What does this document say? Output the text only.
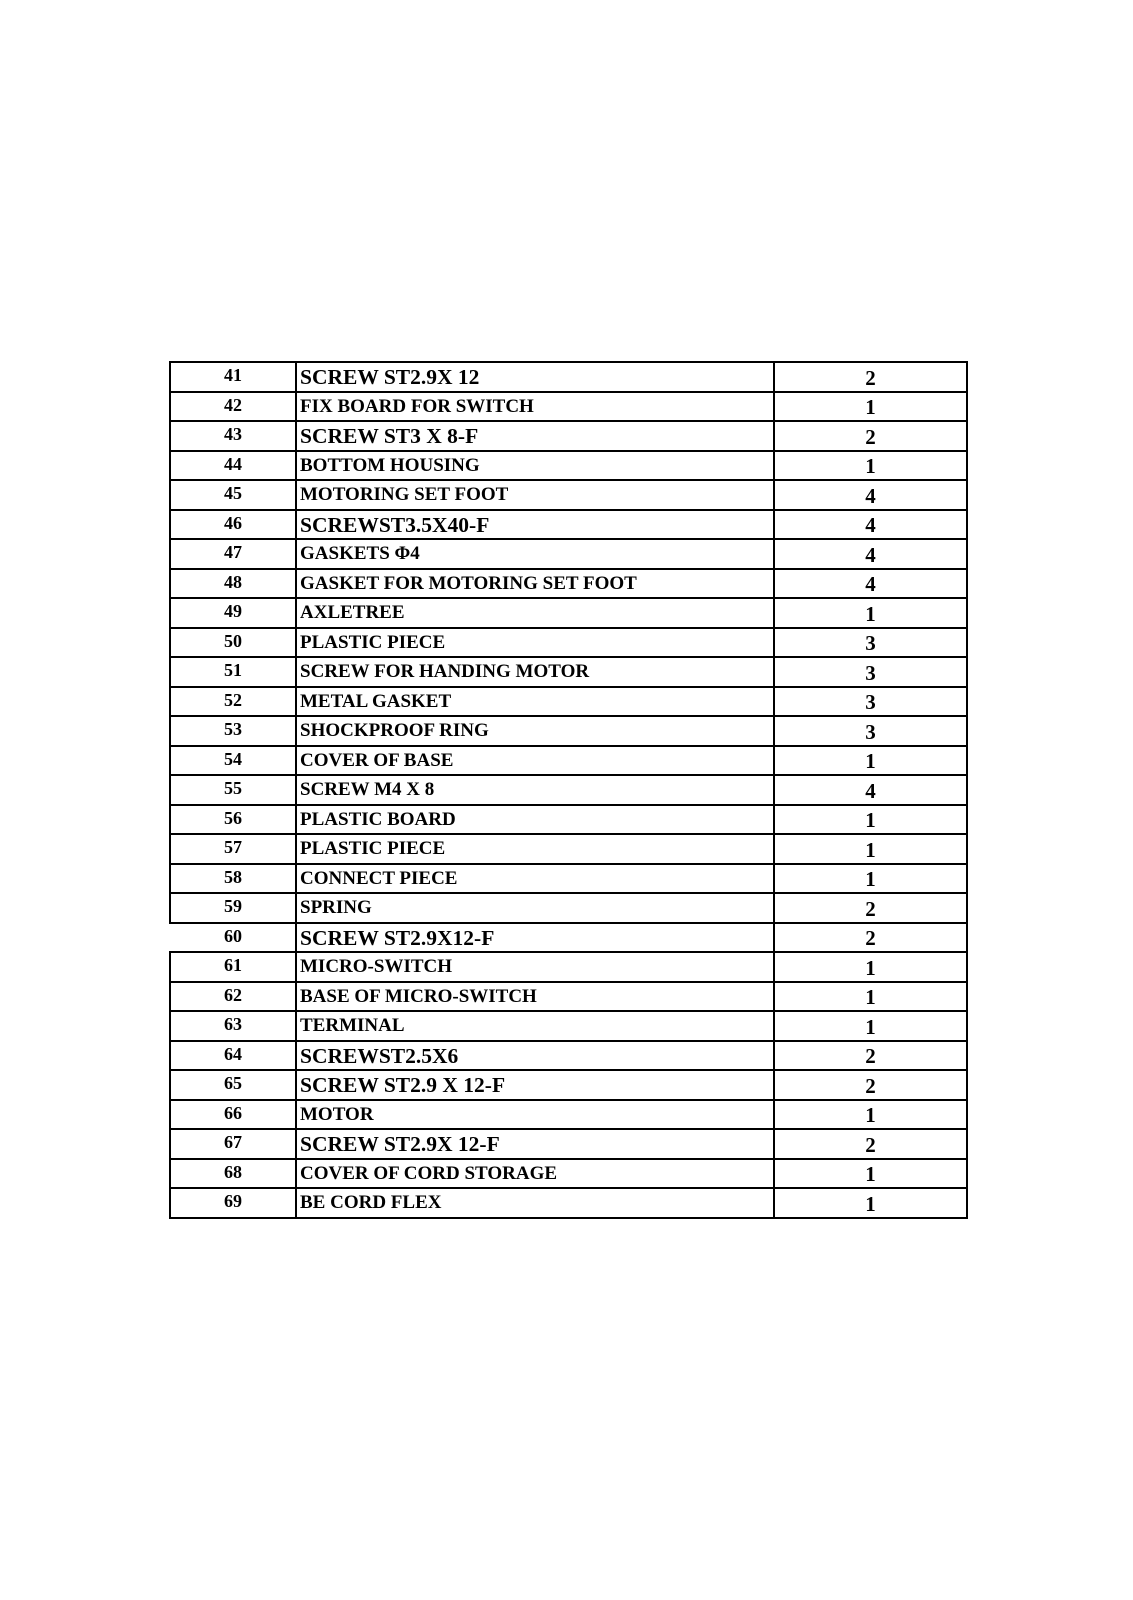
41	SCREW ST2.9X 12	2
42	FIX BOARD FOR SWITCH	1
43	SCREW ST3 X 8-F	2
44	BOTTOM HOUSING	1
45	MOTORING SET FOOT	4
46	SCREWST3.5X40-F	4
47	GASKETS Φ4	4
48	GASKET FOR MOTORING SET FOOT	4
49	AXLETREE	1
50	PLASTIC PIECE	3
51	SCREW FOR HANDING MOTOR	3
52	METAL GASKET	3
53	SHOCKPROOF RING	3
54	COVER OF BASE	1
55	SCREW M4 X 8	4
56	PLASTIC BOARD	1
57	PLASTIC PIECE	1
58	CONNECT PIECE	1
59	SPRING	2
60	SCREW ST2.9X12-F	2
61	MICRO-SWITCH	1
62	BASE OF MICRO-SWITCH	1
63	TERMINAL	1
64	SCREWST2.5X6	2
65	SCREW ST2.9 X 12-F	2
66	MOTOR	1
67	SCREW ST2.9X 12-F	2
68	COVER OF CORD STORAGE	1
69	BE CORD FLEX	1
